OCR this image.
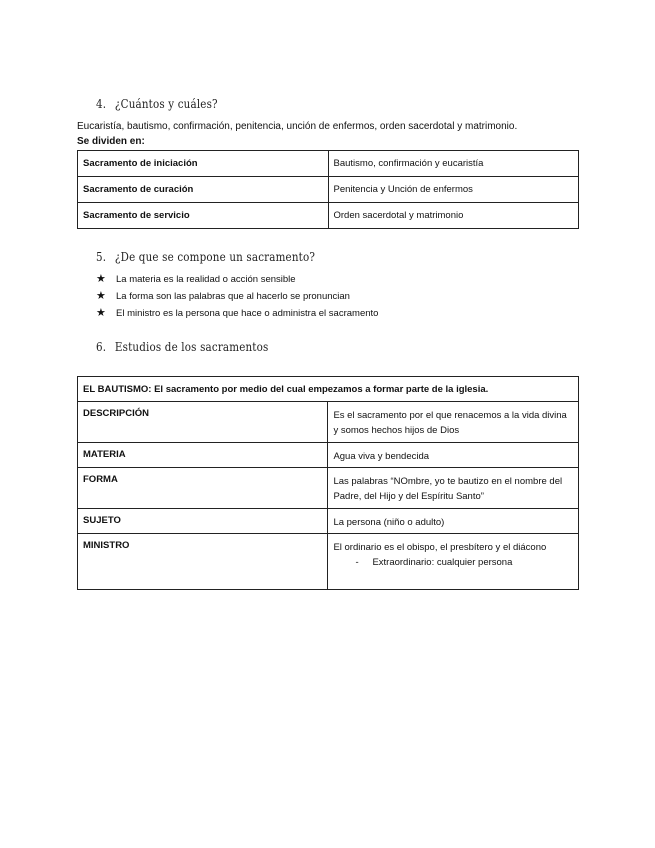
4. ¿Cuántos y cuáles?
Eucaristía, bautismo, confirmación, penitencia, unción de enfermos, orden sacerdotal y matrimonio.
Se dividen en:
Sacramento de iniciación	Bautismo, confirmación y eucaristía
Sacramento de curación	Penitencia y Unción de enfermos
Sacramento de servicio	Orden sacerdotal y matrimonio
5. ¿De que se compone un sacramento?
★	La materia es la realidad o acción sensible
★	La forma son las palabras que al hacerlo se pronuncian
★	El ministro es la persona que hace o administra el sacramento
6. Estudios de los sacramentos
EL BAUTISMO: El sacramento por medio del cual empezamos a formar parte de la iglesia.	
DESCRIPCIÓN	Es el sacramento por el que renacemos a la vida divina y somos hechos hijos de Dios
MATERIA	Agua viva y bendecida
FORMA	Las palabras “NOmbre, yo te bautizo en el nombre del Padre, del Hijo y del Espíritu Santo”
SUJETO	La persona (niño o adulto)
MINISTRO	El ordinario es el obispo, el presbítero y el diácono
- Extraordinario: cualquier persona
